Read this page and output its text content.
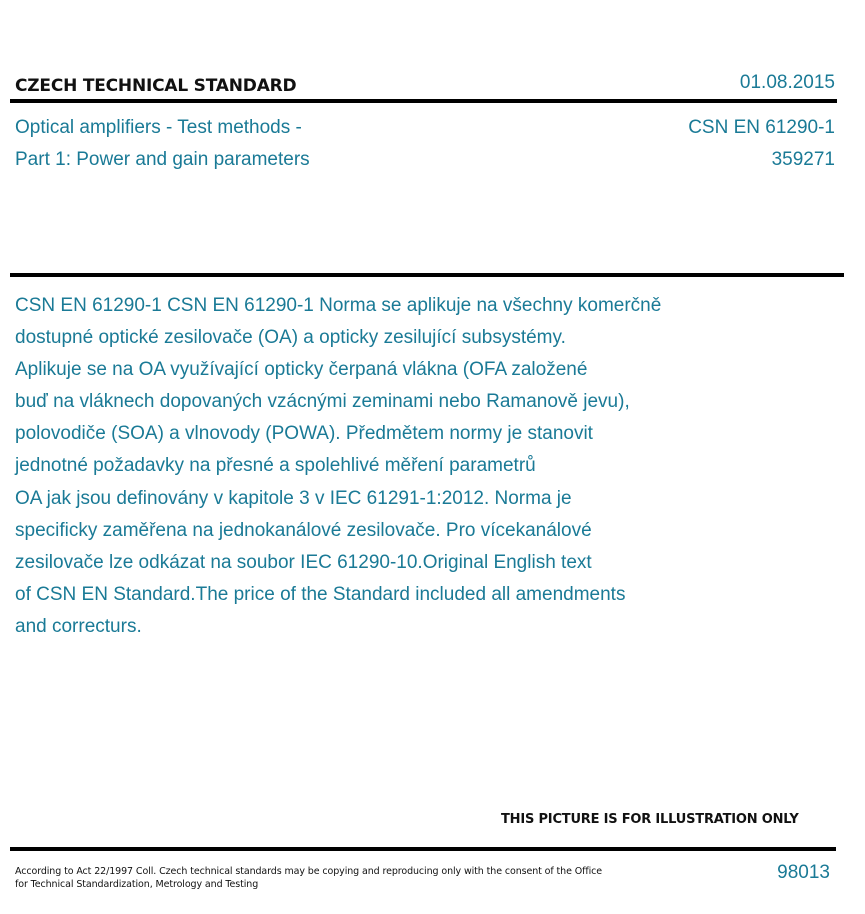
CZECH TECHNICAL STANDARD	01.08.2015
Optical amplifiers - Test methods -
Part 1: Power and gain parameters
CSN EN 61290-1
359271
CSN EN 61290-1 CSN EN 61290-1 Norma se aplikuje na všechny komerčně
dostupné optické zesilovače (OA) a opticky zesilující subsystémy.
Aplikuje se na OA využívající opticky čerpaná vlákna (OFA založené
buď na vláknech dopovaných vzácnými zeminami nebo Ramanově jevu),
polovodiče (SOA) a vlnovody (POWA). Předmětem normy je stanovit
jednotné požadavky na přesné a spolehlivé měření parametrů
OA jak jsou definovány v kapitole 3 v IEC 61291-1:2012. Norma je
specificky zaměřena na jednokanálové zesilovače. Pro vícekanálové
zesilovače lze odkázat na soubor IEC 61290-10.Original English text
of CSN EN Standard.The price of the Standard included all amendments
and correcturs.
THIS PICTURE IS FOR ILLUSTRATION ONLY
According to Act 22/1997 Coll. Czech technical standards may be copying and reproducing only with the consent of the Office
for Technical Standardization, Metrology and Testing
98013
